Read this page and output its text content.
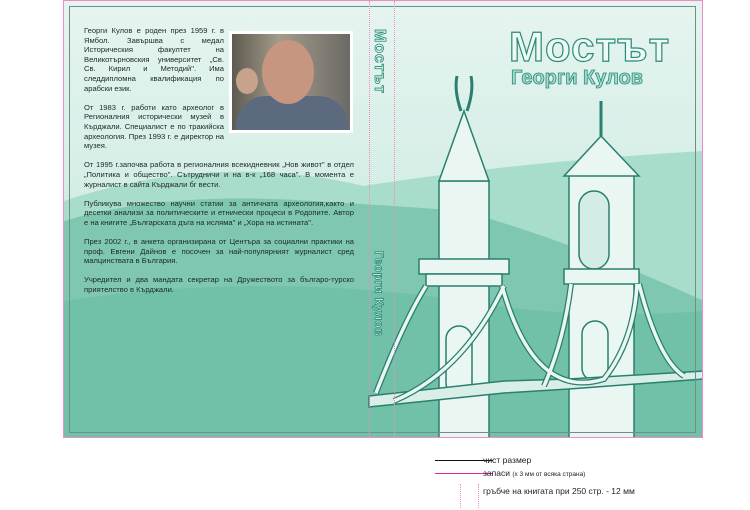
Георги Кулов е роден през 1959 г. в Ямбол. Завършва с медал Историческия факултет на Великотърновския университет „Св. Св. Кирил и Методий". Има следдипломна квалификация по арабски език.

От 1983 г. работи като археолог в Регионалния исторически музей в Кърджали. Специалист е по тракийска археология. През 1993 г. е директор на музея.

От 1995 г.започва работа в регионалния всекидневник „Нов живот" в отдел „Политика и общество". Сътрудничи и на в-к „168 часа". В момента е журналист в сайта Кърджали бг вести.

Публикува множество научни статии за античната археология,както и десетки анализи за политическите и етнически процеси в Родопите. Автор е на книгите „Българската дъга на исляма" и „Хора на истината".

През 2002 г., в анкета организирана от Центъра за социални практики на проф. Евгени Дайнов е посочен за най-популярният журналист сред малцинствата в България.

Учредител и два мандата секретар на Дружеството за българо-турско приятелство в Кърджали.

Мостът
Георги Кулов
Мостът
Георги Кулов
чист размер
запаси (х 3 мм от всяка страна)
гръбче на книгата при 250 стр. - 12 мм
